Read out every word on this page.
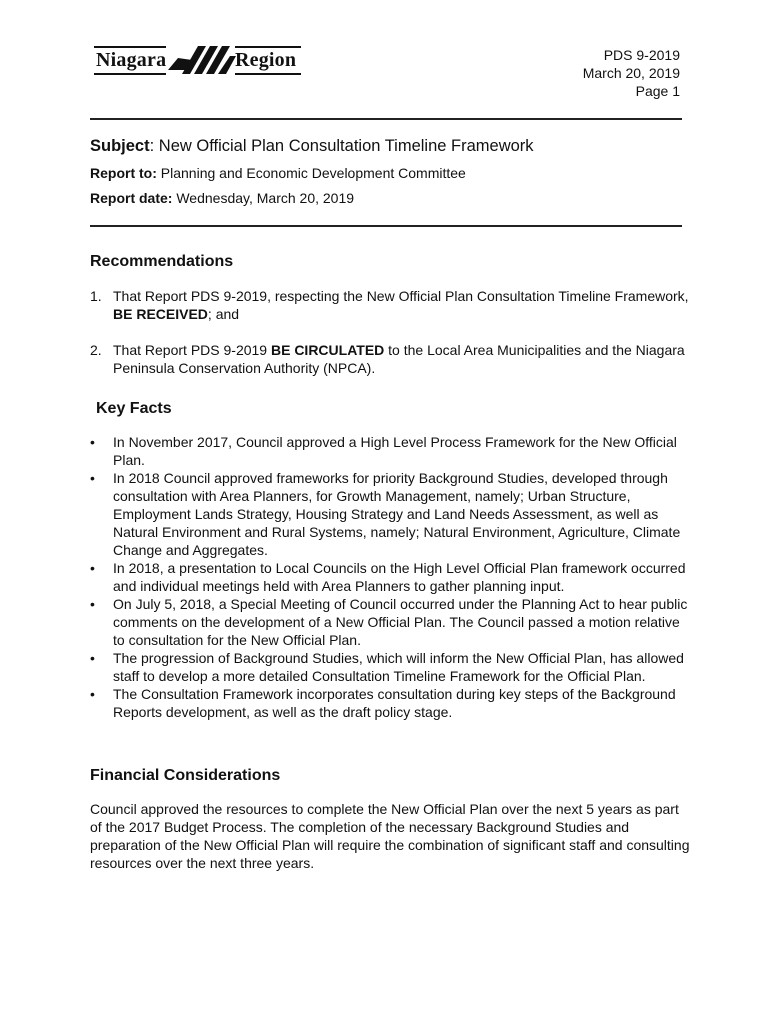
Niagara	Region	PDS 9-2019
March 20, 2019
Page 1
Subject: New Official Plan Consultation Timeline Framework
Report to: Planning and Economic Development Committee
Report date: Wednesday, March 20, 2019
Recommendations
1. That Report PDS 9-2019, respecting the New Official Plan Consultation Timeline Framework, BE RECEIVED; and
2. That Report PDS 9-2019 BE CIRCULATED to the Local Area Municipalities and the Niagara Peninsula Conservation Authority (NPCA).
Key Facts
• In November 2017, Council approved a High Level Process Framework for the New Official Plan.
• In 2018 Council approved frameworks for priority Background Studies, developed through consultation with Area Planners, for Growth Management, namely; Urban Structure, Employment Lands Strategy, Housing Strategy and Land Needs Assessment, as well as Natural Environment and Rural Systems, namely; Natural Environment, Agriculture, Climate Change and Aggregates.
• In 2018, a presentation to Local Councils on the High Level Official Plan framework occurred and individual meetings held with Area Planners to gather planning input.
• On July 5, 2018, a Special Meeting of Council occurred under the Planning Act to hear public comments on the development of a New Official Plan. The Council passed a motion relative to consultation for the New Official Plan.
• The progression of Background Studies, which will inform the New Official Plan, has allowed staff to develop a more detailed Consultation Timeline Framework for the Official Plan.
• The Consultation Framework incorporates consultation during key steps of the Background Reports development, as well as the draft policy stage.
Financial Considerations

Council approved the resources to complete the New Official Plan over the next 5 years as part of the 2017 Budget Process. The completion of the necessary Background Studies and preparation of the New Official Plan will require the combination of significant staff and consulting resources over the next three years.
